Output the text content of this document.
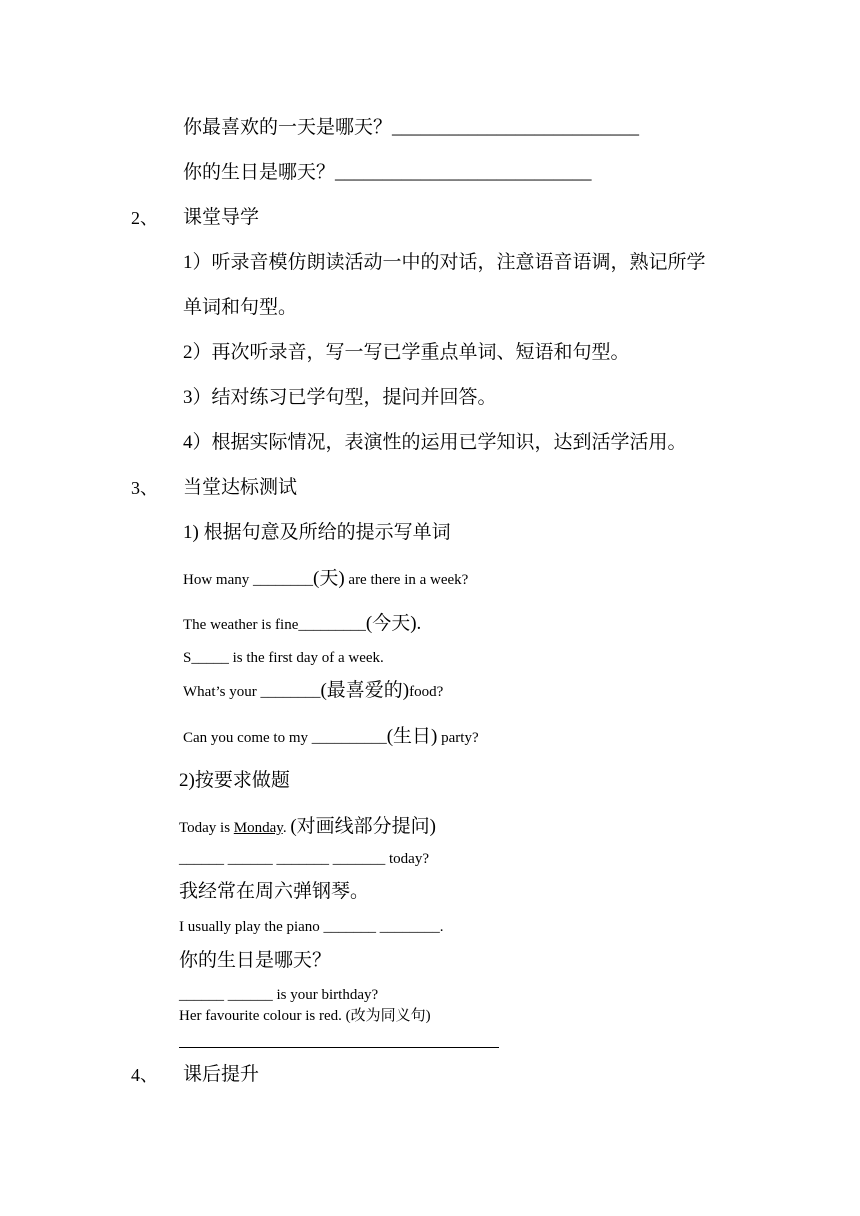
你最喜欢的一天是哪天？__________________________
你的生日是哪天？___________________________
2、 课堂导学
1）听录音模仿朗读活动一中的对话，注意语音语调，熟记所学
单词和句型。
2）再次听录音，写一写已学重点单词、短语和句型。
3）结对练习已学句型，提问并回答。
4）根据实际情况，表演性的运用已学知识，达到活学活用。
3、 当堂达标测试
1) 根据句意及所给的提示写单词
How many ________(天) are there in a week?
The weather is fine_________(今天).
S_____ is the first day of a week.
What’s your ________(最喜爱的)food?
Can you come to my __________(生日) party?
2)按要求做题
Today is Monday. (对画线部分提问)
______ ______ _______ _______ today?
我经常在周六弹钢琴。
I usually play the piano _______ ________.
你的生日是哪天？
______ ______ is your birthday?
Her favourite colour is red. (改为同义句)
4、 课后提升
